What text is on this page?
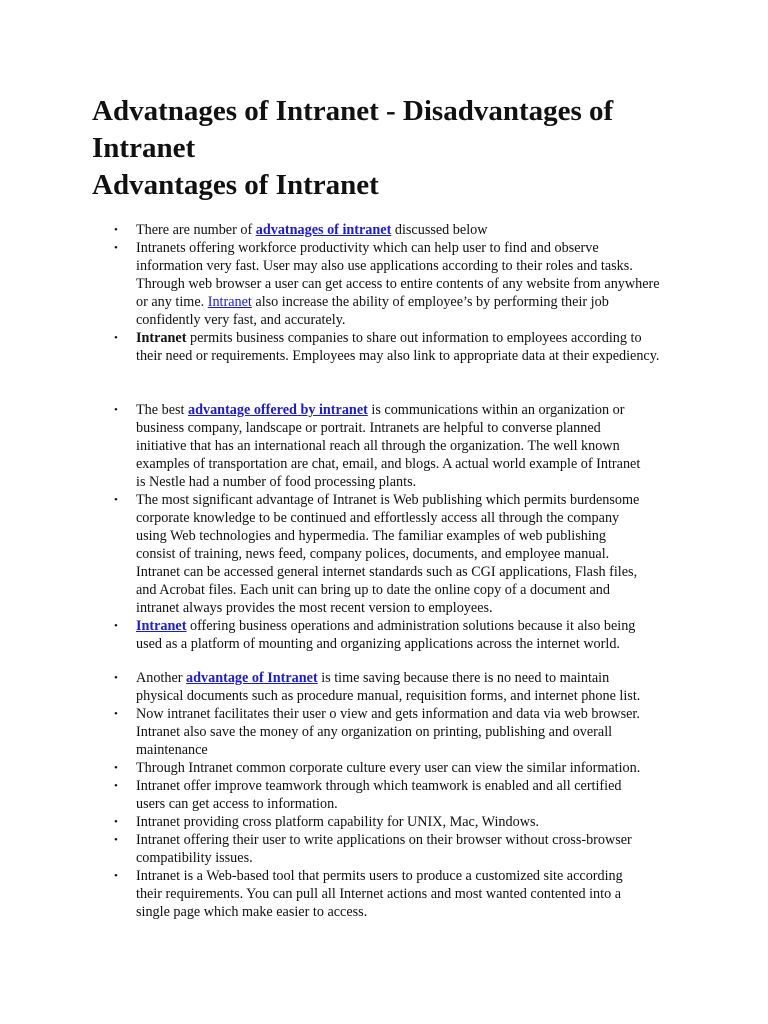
Advatnages of Intranet - Disadvantages of
Intranet
Advantages of Intranet
• There are number of advatnages of intranet discussed below
• Intranets offering workforce productivity which can help user to find and observe
information very fast. User may also use applications according to their roles and tasks.
Through web browser a user can get access to entire contents of any website from anywhere
or any time. Intranet also increase the ability of employee’s by performing their job
confidently very fast, and accurately.
• Intranet permits business companies to share out information to employees according to
their need or requirements. Employees may also link to appropriate data at their expediency.
• The best advantage offered by intranet is communications within an organization or
business company, landscape or portrait. Intranets are helpful to converse planned
initiative that has an international reach all through the organization. The well known
examples of transportation are chat, email, and blogs. A actual world example of Intranet
is Nestle had a number of food processing plants.
• The most significant advantage of Intranet is Web publishing which permits burdensome
corporate knowledge to be continued and effortlessly access all through the company
using Web technologies and hypermedia. The familiar examples of web publishing
consist of training, news feed, company polices, documents, and employee manual.
Intranet can be accessed general internet standards such as CGI applications, Flash files,
and Acrobat files. Each unit can bring up to date the online copy of a document and
intranet always provides the most recent version to employees.
• Intranet offering business operations and administration solutions because it also being
used as a platform of mounting and organizing applications across the internet world.
• Another advantage of Intranet is time saving because there is no need to maintain
physical documents such as procedure manual, requisition forms, and internet phone list.
• Now intranet facilitates their user o view and gets information and data via web browser.
Intranet also save the money of any organization on printing, publishing and overall
maintenance
• Through Intranet common corporate culture every user can view the similar information.
• Intranet offer improve teamwork through which teamwork is enabled and all certified
users can get access to information.
• Intranet providing cross platform capability for UNIX, Mac, Windows.
• Intranet offering their user to write applications on their browser without cross-browser
compatibility issues.
• Intranet is a Web-based tool that permits users to produce a customized site according
their requirements. You can pull all Internet actions and most wanted contented into a
single page which make easier to access.
